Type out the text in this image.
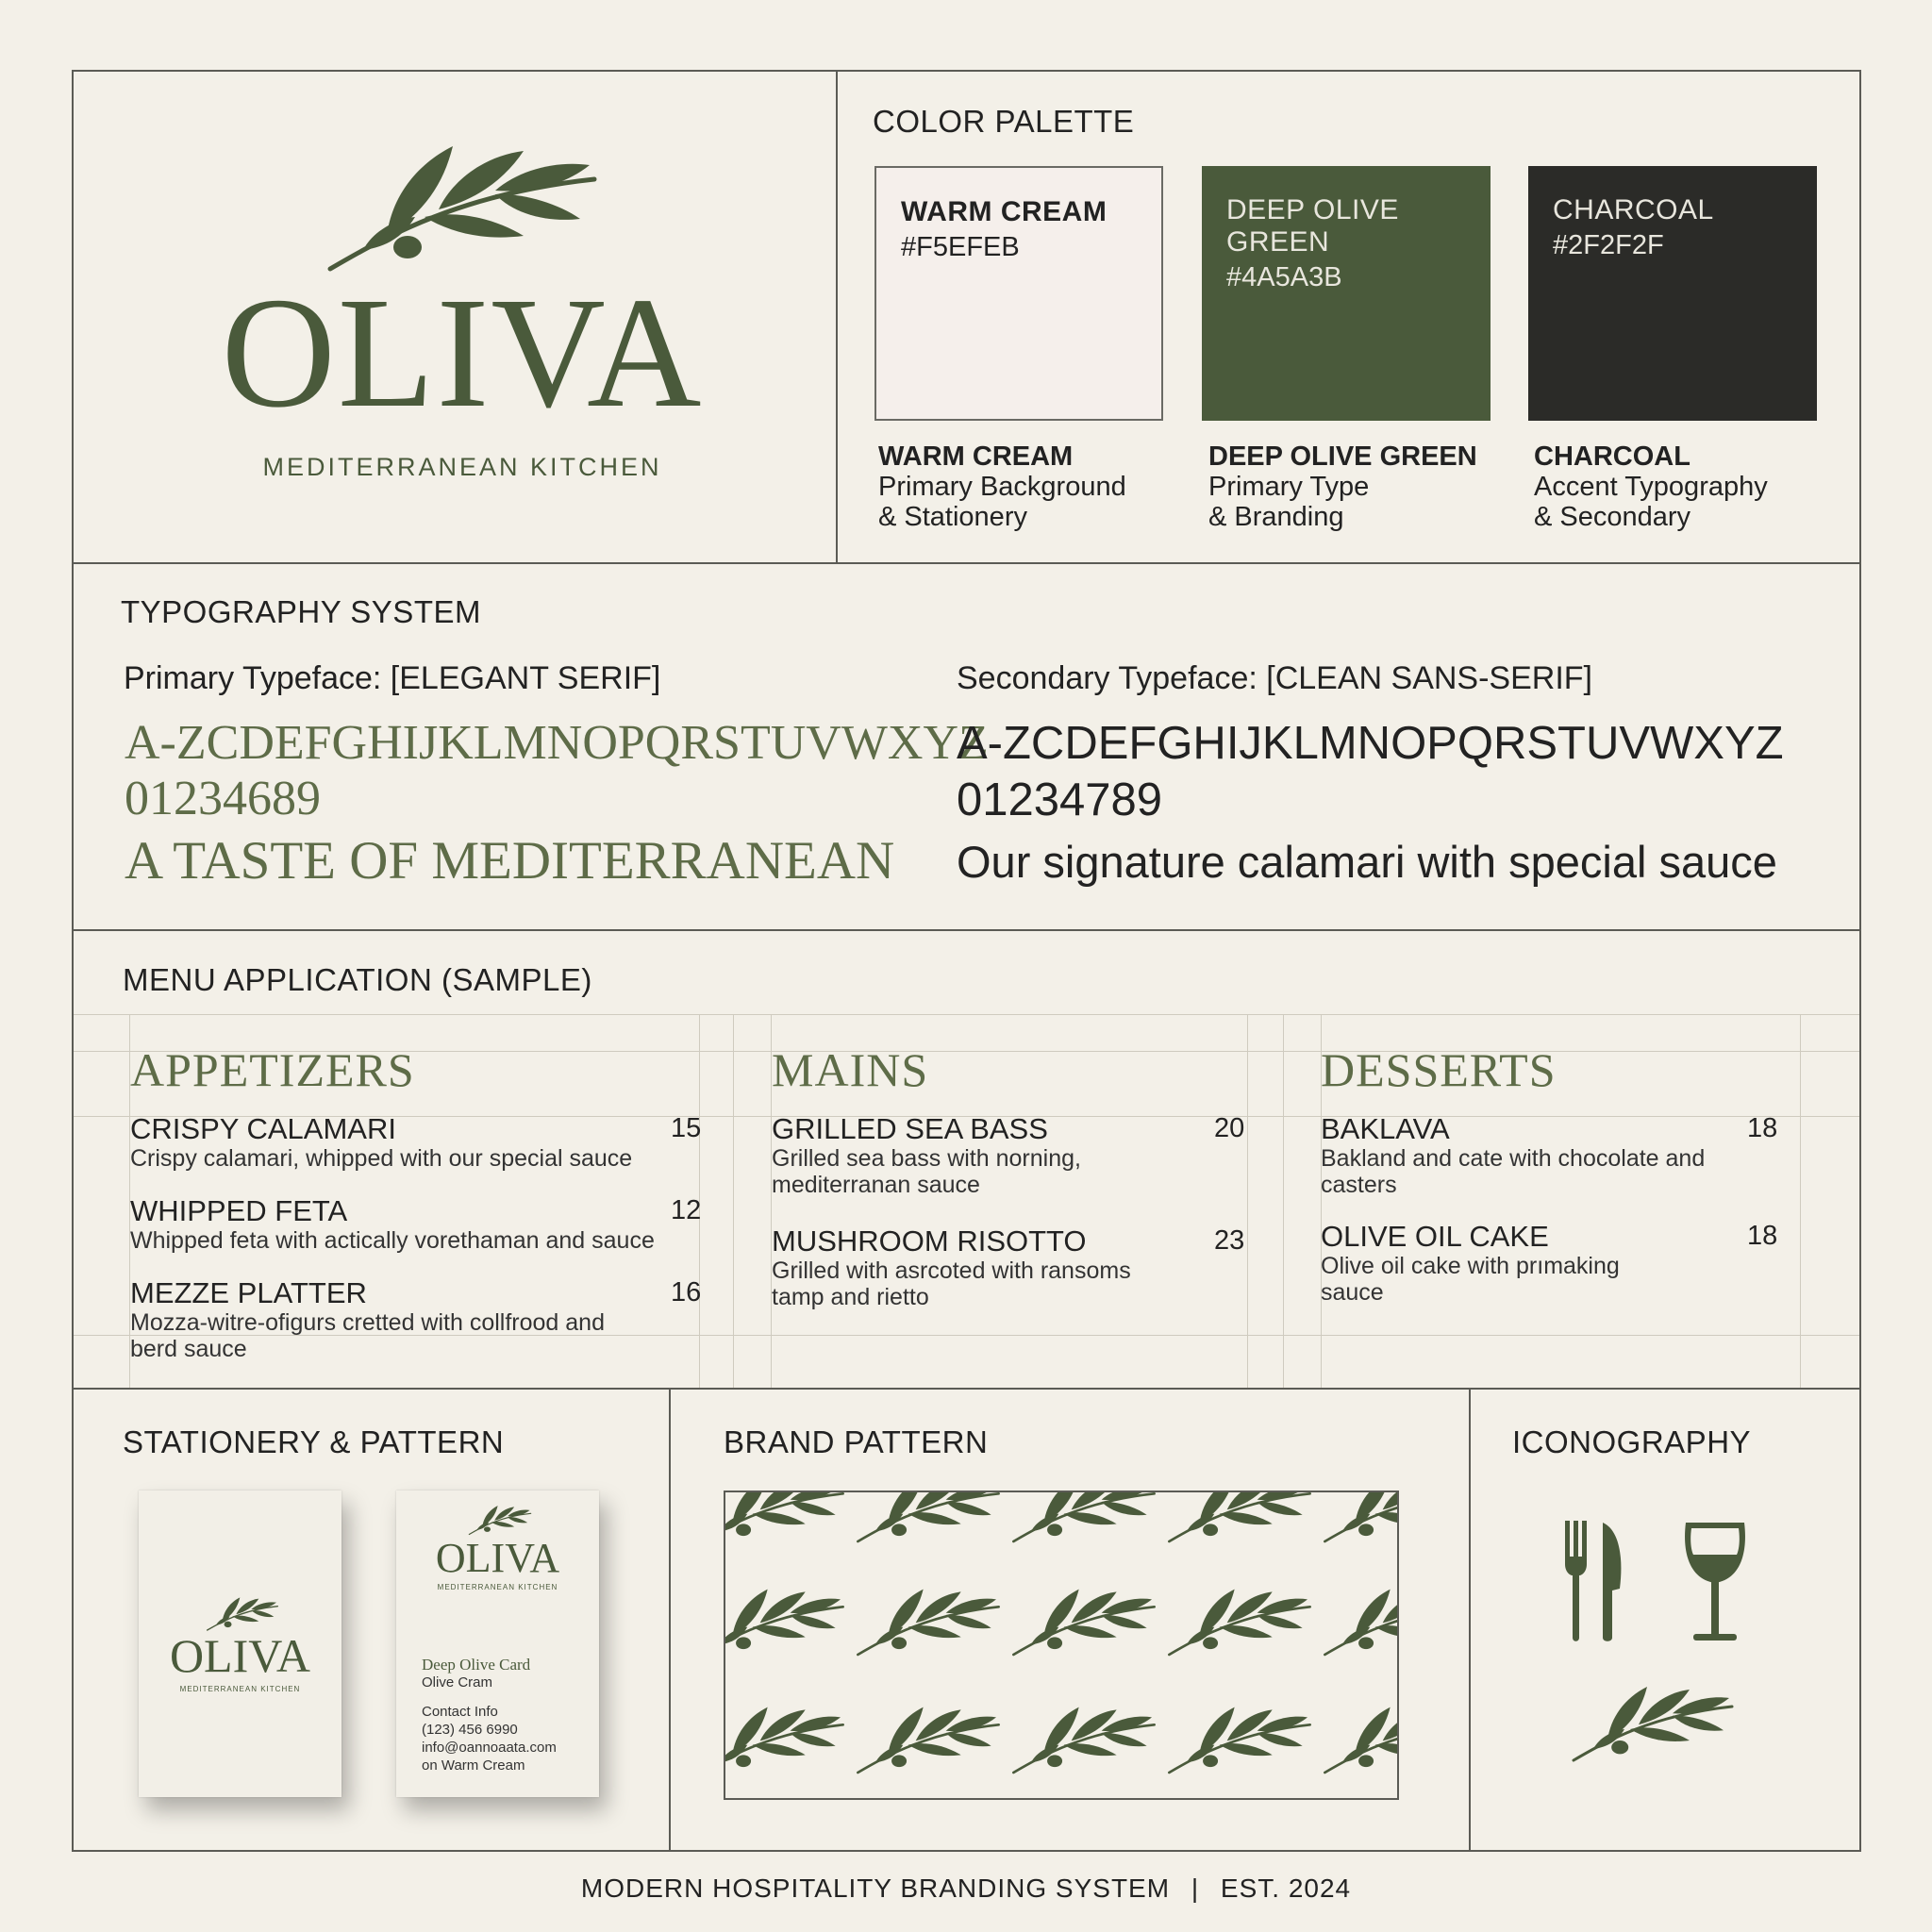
OLIVA
MEDITERRANEAN KITCHEN
COLOR PALETTE
WARM CREAM
#F5EFEB
DEEP OLIVE GREEN
#4A5A3B
CHARCOAL
#2F2F2F
WARM CREAM
Primary Background
& Stationery
DEEP OLIVE GREEN
Primary Type
& Branding
CHARCOAL
Accent Typography
& Secondary
TYPOGRAPHY SYSTEM
Primary Typeface: [ELEGANT SERIF]	Secondary Typeface: [CLEAN SANS-SERIF]
A-ZCDEFGHIJKLMNOPQRSTUVWXYZ
01234689
A TASTE OF MEDITERRANEAN
A-ZCDEFGHIJKLMNOPQRSTUVWXYZ
01234789
Our signature calamari with special sauce
MENU APPLICATION (SAMPLE)
APPETIZERS
CRISPY CALAMARI
Crispy calamari, whipped with our special sauce
15
WHIPPED FETA
Whipped feta with actically vorethaman and sauce
12
MEZZE PLATTER
Mozza-witre-ofigurs cretted with collfrood and
berd sauce
16
MAINS
GRILLED SEA BASS
Grilled sea bass with norning,
mediterranan sauce
20
MUSHROOM RISOTTO
Grilled with asrcoted with ransoms
tamp and rietto
23
DESSERTS
BAKLAVA
Bakland and cate with chocolate and
casters
18
OLIVE OIL CAKE
Olive oil cake with prımaking
sauce
18
STATIONERY & PATTERN
OLIVA
MEDITERRANEAN KITCHEN
OLIVA
MEDITERRANEAN KITCHEN
Deep Olive Card
Olive Cram
Contact Info
(123) 456 6990
info@oannoaata.com
on Warm Cream
BRAND PATTERN	ICONOGRAPHY
MODERN HOSPITALITY BRANDING SYSTEM | EST. 2024
